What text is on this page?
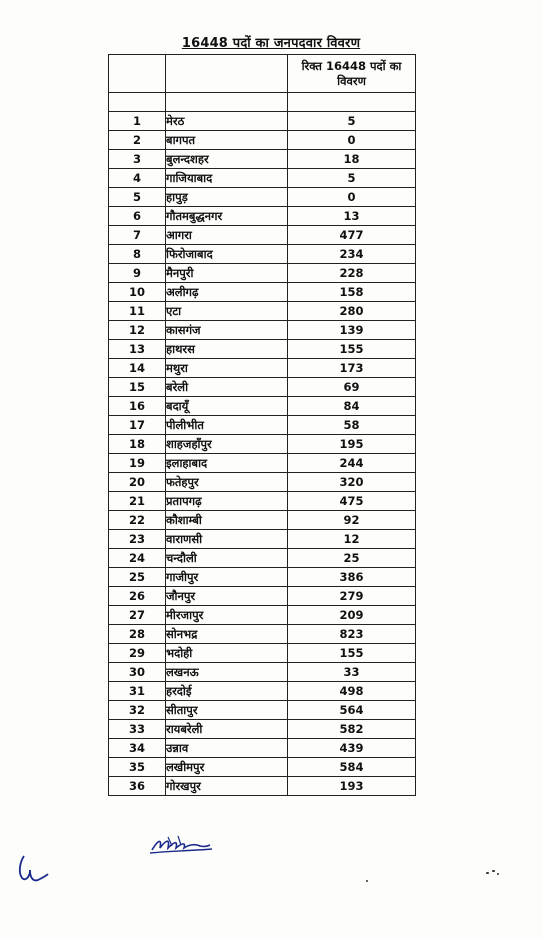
16448 पदों का जनपदवार विवरण
		रिक्त 16448 पदों का विवरण

1	मेरठ	5
2	बागपत	0
3	बुलन्दशहर	18
4	गाजियाबाद	5
5	हापुड़	0
6	गौतमबुद्धनगर	13
7	आगरा	477
8	फिरोजाबाद	234
9	मैनपुरी	228
10	अलीगढ़	158
11	एटा	280
12	कासगंज	139
13	हाथरस	155
14	मथुरा	173
15	बरेली	69
16	बदायूँ	84
17	पीलीभीत	58
18	शाहजहाँपुर	195
19	इलाहाबाद	244
20	फतेहपुर	320
21	प्रतापगढ़	475
22	कौशाम्बी	92
23	वाराणसी	12
24	चन्दौली	25
25	गाजीपुर	386
26	जौनपुर	279
27	मीरजापुर	209
28	सोनभद्र	823
29	भदोही	155
30	लखनऊ	33
31	हरदोई	498
32	सीतापुर	564
33	रायबरेली	582
34	उन्नाव	439
35	लखीमपुर	584
36	गोरखपुर	193
